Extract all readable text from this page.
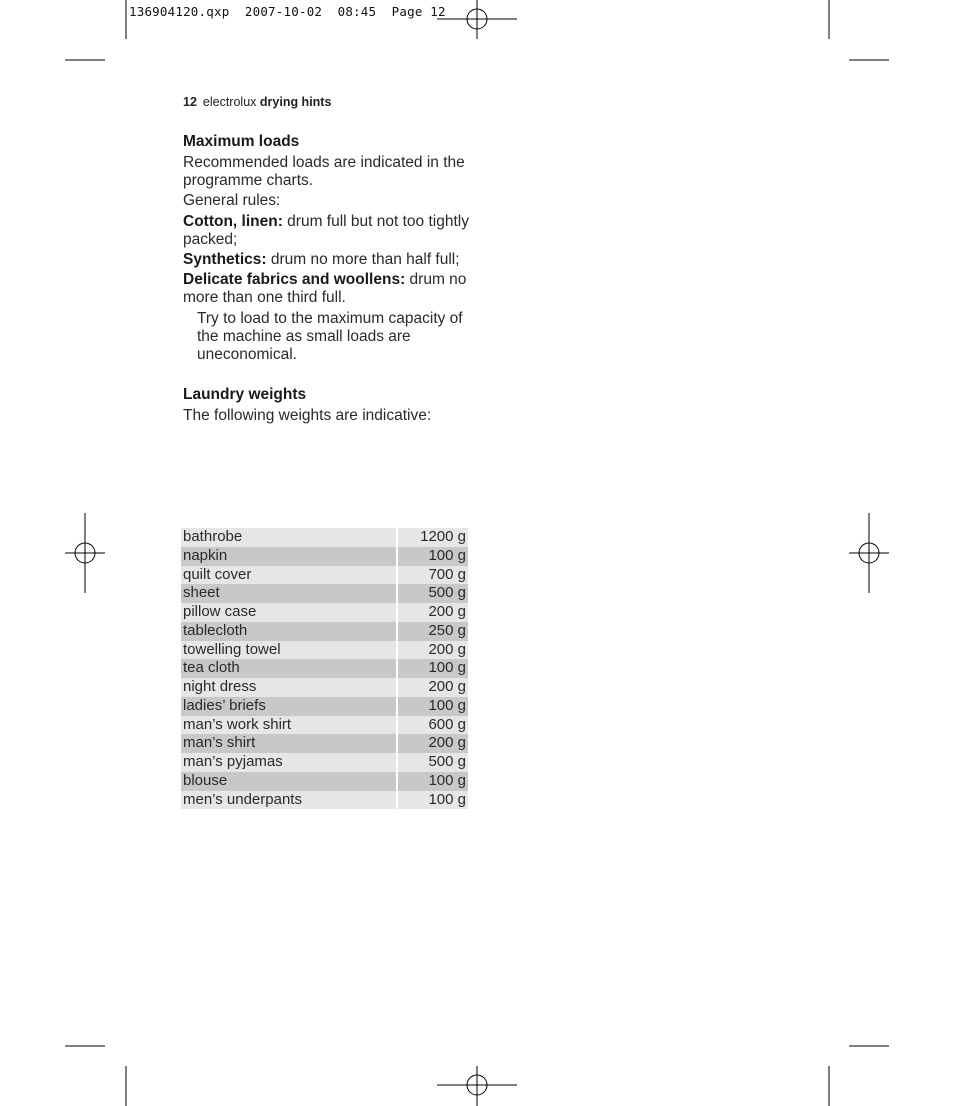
136904120.qxp  2007-10-02  08:45  Page 12
12 electrolux drying hints
Maximum loads

Recommended loads are indicated in the programme charts.

General rules:

Cotton, linen: drum full but not too tightly packed;

Synthetics: drum no more than half full;

Delicate fabrics and woollens: drum no more than one third full.

Try to load to the maximum capacity of the machine as small loads are uneconomical.

Laundry weights

The following weights are indicative:

bathrobe	1200 g
napkin	100 g
quilt cover	700 g
sheet	500 g
pillow case	200 g
tablecloth	250 g
towelling towel	200 g
tea cloth	100 g
night dress	200 g
ladies’ briefs	100 g
man’s work shirt	600 g
man’s shirt	200 g
man’s pyjamas	500 g
blouse	100 g
men’s underpants	100 g
